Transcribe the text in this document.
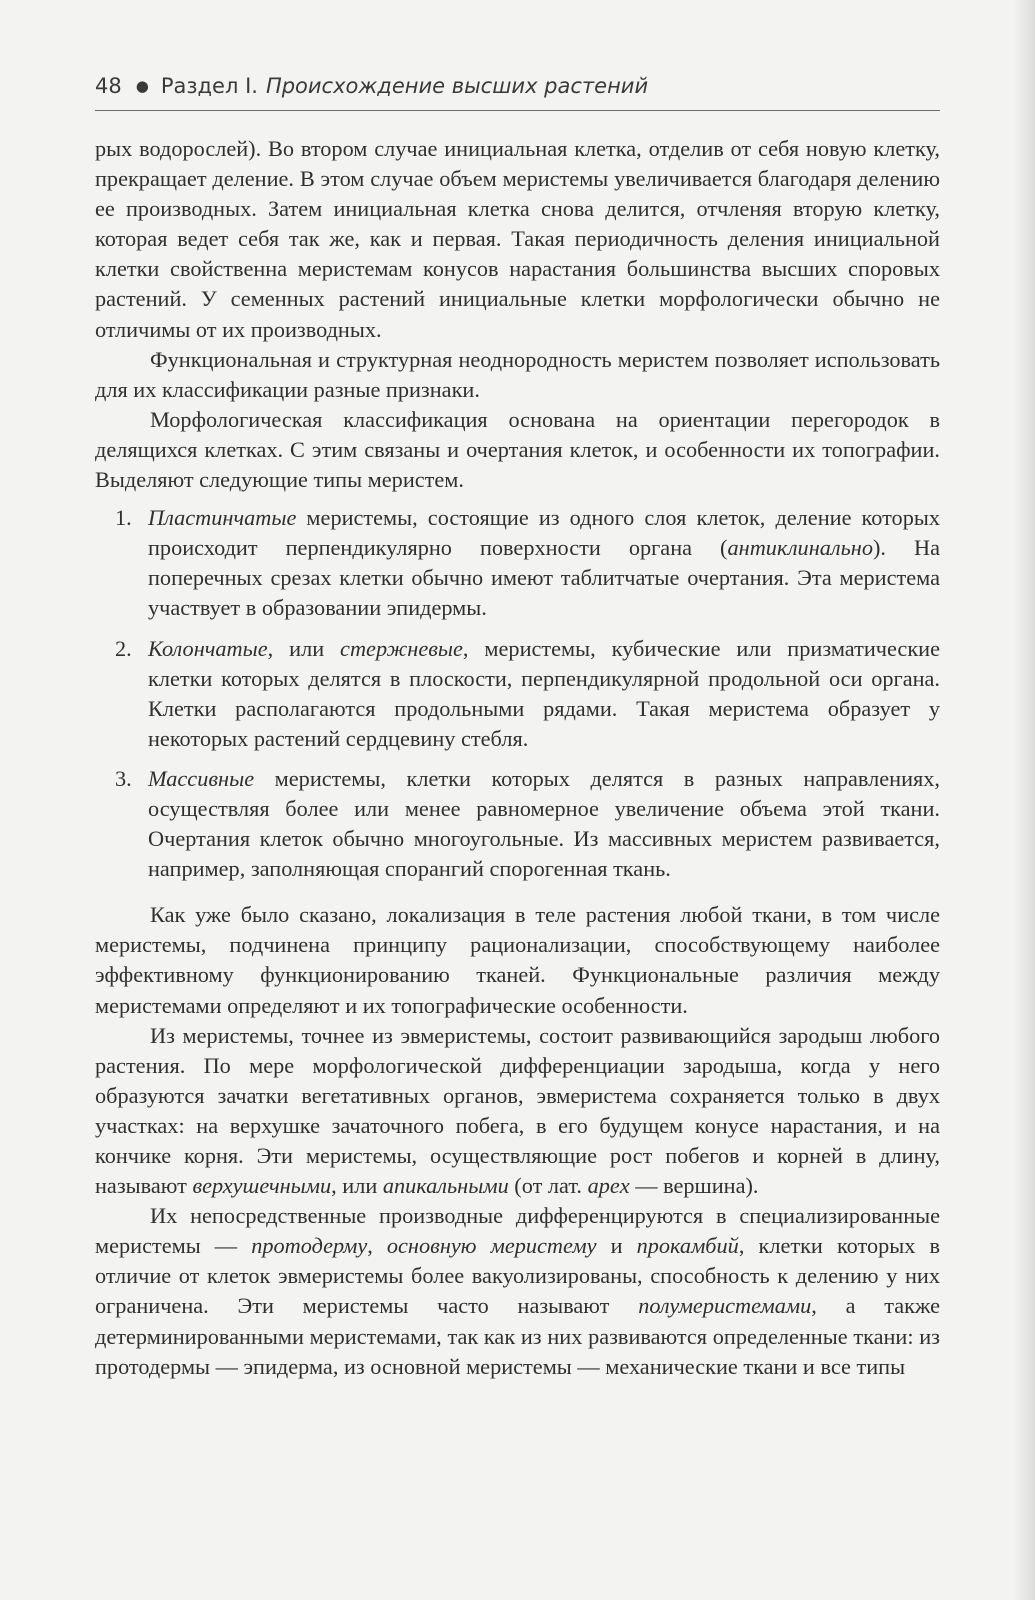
48 ● Раздел I. Происхождение высших растений

рых водорослей). Во втором случае инициальная клетка, отделив от себя новую клетку, прекращает деление. В этом случае объем меристемы увеличивается благодаря делению ее производных. Затем инициальная клетка снова делится, отчленяя вторую клетку, которая ведет себя так же, как и первая. Такая периодичность деления инициальной клетки свойственна меристемам конусов нарастания большинства высших споровых растений. У семенных растений инициальные клетки морфологически обычно не отличимы от их производных.

Функциональная и структурная неоднородность меристем позволяет использовать для их классификации разные признаки.

Морфологическая классификация основана на ориентации перегородок в делящихся клетках. С этим связаны и очертания клеток, и особенности их топографии. Выделяют следующие типы меристем.

1. Пластинчатые меристемы, состоящие из одного слоя клеток, деление которых происходит перпендикулярно поверхности органа (антиклинально). На поперечных срезах клетки обычно имеют таблитчатые очертания. Эта меристема участвует в образовании эпидермы.
2. Колончатые, или стержневые, меристемы, кубические или призматические клетки которых делятся в плоскости, перпендикулярной продольной оси органа. Клетки располагаются продольными рядами. Такая меристема образует у некоторых растений сердцевину стебля.
3. Массивные меристемы, клетки которых делятся в разных направлениях, осуществляя более или менее равномерное увеличение объема этой ткани. Очертания клеток обычно многоугольные. Из массивных меристем развивается, например, заполняющая спорангий спорогенная ткань.

Как уже было сказано, локализация в теле растения любой ткани, в том числе меристемы, подчинена принципу рационализации, способствующему наиболее эффективному функционированию тканей. Функциональные различия между меристемами определяют и их топографические особенности.

Из меристемы, точнее из эвмеристемы, состоит развивающийся зародыш любого растения. По мере морфологической дифференциации зародыша, когда у него образуются зачатки вегетативных органов, эвмеристема сохраняется только в двух участках: на верхушке зачаточного побега, в его будущем конусе нарастания, и на кончике корня. Эти меристемы, осуществляющие рост побегов и корней в длину, называют верхушечными, или апикальными (от лат. apex — вершина).

Их непосредственные производные дифференцируются в специализированные меристемы — протодерму, основную меристему и прокамбий, клетки которых в отличие от клеток эвмеристемы более вакуолизированы, способность к делению у них ограничена. Эти меристемы часто называют полумеристемами, а также детерминированными меристемами, так как из них развиваются определенные ткани: из протодермы — эпидерма, из основной меристемы — механические ткани и все типы
